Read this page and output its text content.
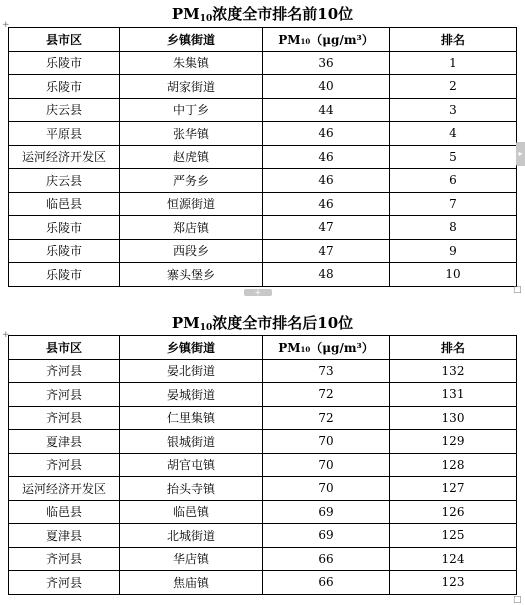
$PM_{10}$浓度全市排名前10位
县市区	乡镇街道	PM10（μg/m³）	排名
乐陵市	朱集镇	36	1
乐陵市	胡家街道	40	2
庆云县	中丁乡	44	3
平原县	张华镇	46	4
运河经济开发区	赵虎镇	46	5
庆云县	严务乡	46	6
临邑县	恒源街道	46	7
乐陵市	郑店镇	47	8
乐陵市	西段乡	47	9
乐陵市	寨头堡乡	48	10
$PM_{10}$浓度全市排名后10位
县市区	乡镇街道	PM10（μg/m³）	排名
齐河县	晏北街道	73	132
齐河县	晏城街道	72	131
齐河县	仁里集镇	72	130
夏津县	银城街道	70	129
齐河县	胡官屯镇	70	128
运河经济开发区	抬头寺镇	70	127
临邑县	临邑镇	69	126
夏津县	北城街道	69	125
齐河县	华店镇	66	124
齐河县	焦庙镇	66	123
+
+
□
□
+
▸
